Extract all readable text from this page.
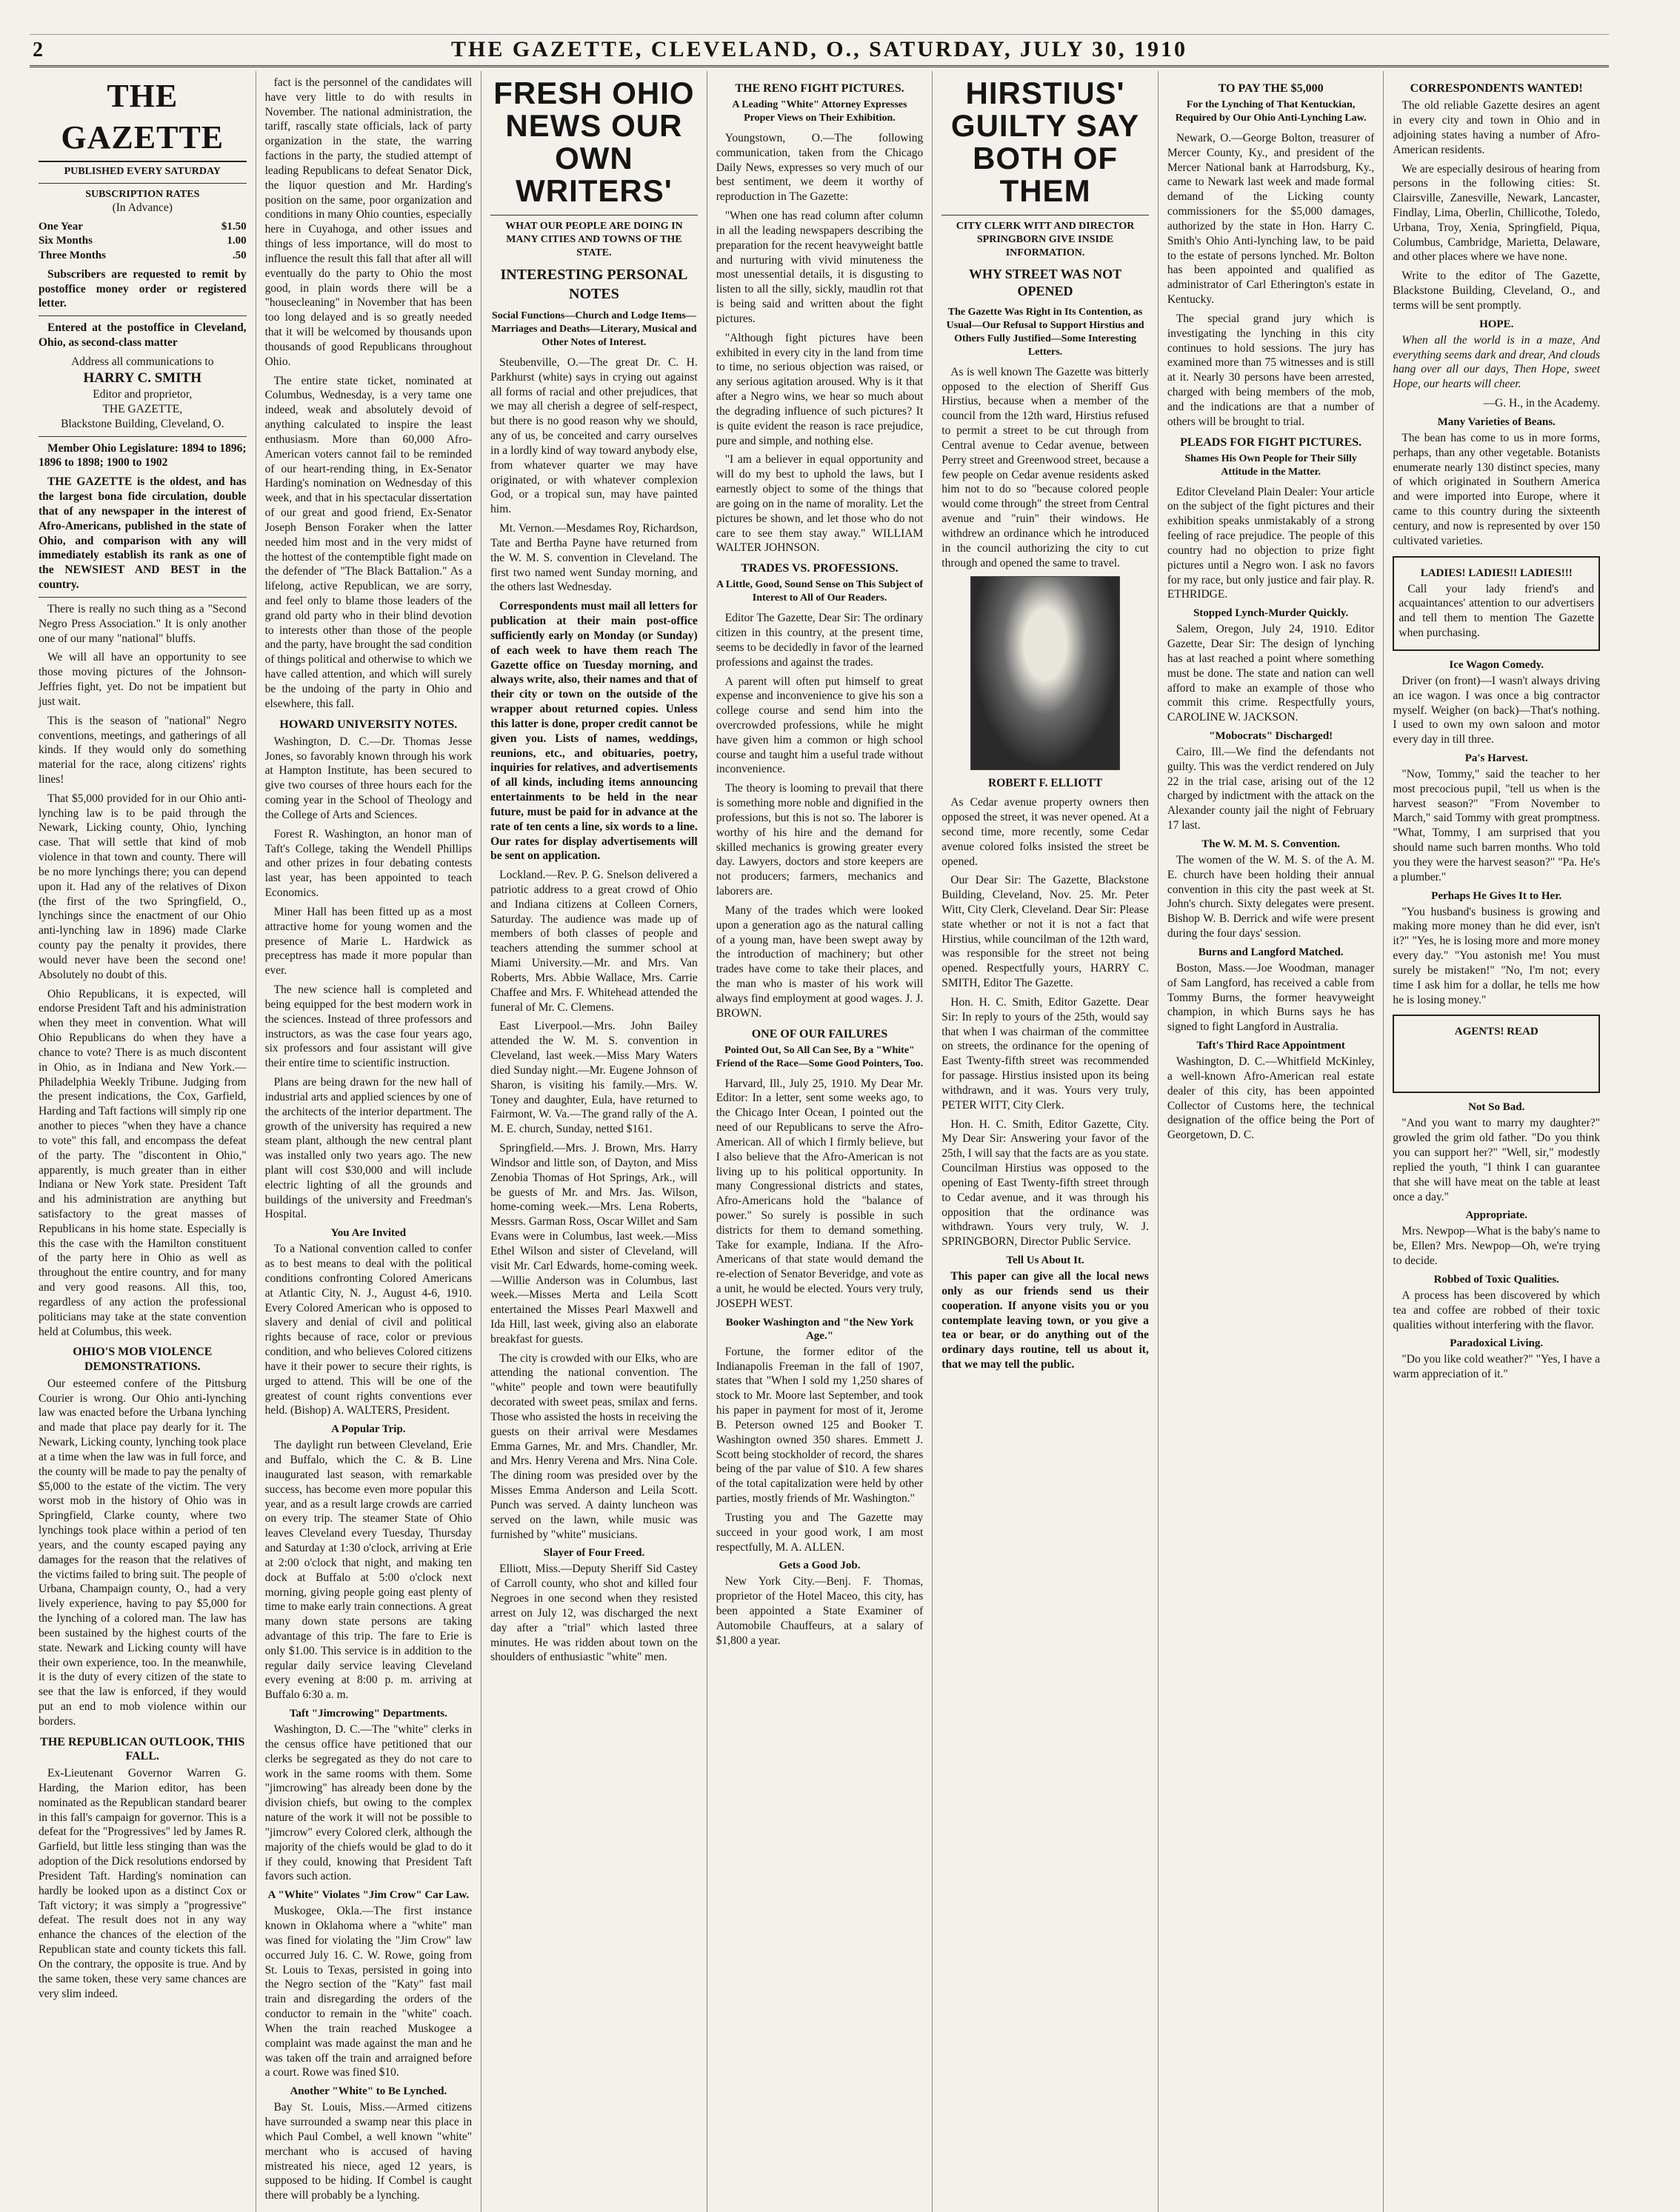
2	THE GAZETTE, CLEVELAND, O., SATURDAY, JULY 30, 1910
THE GAZETTE
PUBLISHED EVERY SATURDAY
SUBSCRIPTION RATES
(In Advance)
One Year	$1.50
Six Months	1.00
Three Months	.50

Subscribers are requested to remit by postoffice money order or registered letter.

Entered at the postoffice in Cleveland, Ohio, as second-class matter

Address all communications to
HARRY C. SMITH
Editor and proprietor,
THE GAZETTE,
Blackstone Building, Cleveland, O.

Member Ohio Legislature: 1894 to 1896; 1896 to 1898; 1900 to 1902

THE GAZETTE is the oldest, and has the largest bona fide circulation, double that of any newspaper in the interest of Afro-Americans, published in the state of Ohio, and comparison with any will immediately establish its rank as one of the NEWSIEST AND BEST in the country.

There is really no such thing as a "Second Negro Press Association." It is only another one of our many "national" bluffs.

We will all have an opportunity to see those moving pictures of the Johnson-Jeffries fight, yet. Do not be impatient but just wait.

This is the season of "national" Negro conventions, meetings, and gatherings of all kinds. If they would only do something material for the race, along citizens' rights lines!

That $5,000 provided for in our Ohio anti-lynching law is to be paid through the Newark, Licking county, Ohio, lynching case. That will settle that kind of mob violence in that town and county. There will be no more lynchings there; you can depend upon it. Had any of the relatives of Dixon (the first of the two Springfield, O., lynchings since the enactment of our Ohio anti-lynching law in 1896) made Clarke county pay the penalty it provides, there would never have been the second one! Absolutely no doubt of this.

Ohio Republicans, it is expected, will endorse President Taft and his administration when they meet in convention. What will Ohio Republicans do when they have a chance to vote? There is as much discontent in Ohio, as in Indiana and New York.—Philadelphia Weekly Tribune. Judging from the present indications, the Cox, Garfield, Harding and Taft factions will simply rip one another to pieces "when they have a chance to vote" this fall, and encompass the defeat of the party. The "discontent in Ohio," apparently, is much greater than in either Indiana or New York state. President Taft and his administration are anything but satisfactory to the great masses of Republicans in his home state. Especially is this the case with the Hamilton constituent of the party here in Ohio as well as throughout the entire country, and for many and very good reasons. All this, too, regardless of any action the professional politicians may take at the state convention held at Columbus, this week.

OHIO'S MOB VIOLENCE DEMONSTRATIONS.

Our esteemed confere of the Pittsburg Courier is wrong. Our Ohio anti-lynching law was enacted before the Urbana lynching and made that place pay dearly for it. The Newark, Licking county, lynching took place at a time when the law was in full force, and the county will be made to pay the penalty of $5,000 to the estate of the victim. The very worst mob in the history of Ohio was in Springfield, Clarke county, where two lynchings took place within a period of ten years, and the county escaped paying any damages for the reason that the relatives of the victims failed to bring suit. The people of Urbana, Champaign county, O., had a very lively experience, having to pay $5,000 for the lynching of a colored man. The law has been sustained by the highest courts of the state. Newark and Licking county will have their own experience, too. In the meanwhile, it is the duty of every citizen of the state to see that the law is enforced, if they would put an end to mob violence within our borders.

THE REPUBLICAN OUTLOOK, THIS FALL.

Ex-Lieutenant Governor Warren G. Harding, the Marion editor, has been nominated as the Republican standard bearer in this fall's campaign for governor. This is a defeat for the "Progressives" led by James R. Garfield, but little less stinging than was the adoption of the Dick resolutions endorsed by President Taft. Harding's nomination can hardly be looked upon as a distinct Cox or Taft victory; it was simply a "progressive" defeat. The result does not in any way enhance the chances of the election of the Republican state and county tickets this fall. On the contrary, the opposite is true. And by the same token, these very same chances are very slim indeed.

fact is the personnel of the candidates will have very little to do with results in November. The national administration, the tariff, rascally state officials, lack of party organization in the state, the warring factions in the party, the studied attempt of leading Republicans to defeat Senator Dick, the liquor question and Mr. Harding's position on the same, poor organization and conditions in many Ohio counties, especially here in Cuyahoga, and other issues and things of less importance, will do most to influence the result this fall that after all will eventually do the party to Ohio the most good, in plain words there will be a "housecleaning" in November that has been too long delayed and is so greatly needed that it will be welcomed by thousands upon thousands of good Republicans throughout Ohio.

The entire state ticket, nominated at Columbus, Wednesday, is a very tame one indeed, weak and absolutely devoid of anything calculated to inspire the least enthusiasm. More than 60,000 Afro-American voters cannot fail to be reminded of our heart-rending thing, in Ex-Senator Harding's nomination on Wednesday of this week, and that in his spectacular dissertation of our great and good friend, Ex-Senator Joseph Benson Foraker when the latter needed him most and in the very midst of the hottest of the contemptible fight made on the defender of "The Black Battalion." As a lifelong, active Republican, we are sorry, and feel only to blame those leaders of the grand old party who in their blind devotion to interests other than those of the people and the party, have brought the sad condition of things political and otherwise to which we have called attention, and which will surely be the undoing of the party in Ohio and elsewhere, this fall.

HOWARD UNIVERSITY NOTES.

Washington, D. C.—Dr. Thomas Jesse Jones, so favorably known through his work at Hampton Institute, has been secured to give two courses of three hours each for the coming year in the School of Theology and the College of Arts and Sciences.

Forest R. Washington, an honor man of Taft's College, taking the Wendell Phillips and other prizes in four debating contests last year, has been appointed to teach Economics.

Miner Hall has been fitted up as a most attractive home for young women and the presence of Marie L. Hardwick as preceptress has made it more popular than ever.

The new science hall is completed and being equipped for the best modern work in the sciences. Instead of three professors and instructors, as was the case four years ago, six professors and four assistant will give their entire time to scientific instruction.

Plans are being drawn for the new hall of industrial arts and applied sciences by one of the architects of the interior department. The growth of the university has required a new steam plant, although the new central plant was installed only two years ago. The new plant will cost $30,000 and will include electric lighting of all the grounds and buildings of the university and Freedman's Hospital.

You Are Invited

To a National convention called to confer as to best means to deal with the political conditions confronting Colored Americans at Atlantic City, N. J., August 4-6, 1910. Every Colored American who is opposed to slavery and denial of civil and political rights because of race, color or previous condition, and who believes Colored citizens have it their power to secure their rights, is urged to attend. This will be one of the greatest of count rights conventions ever held. (Bishop) A. WALTERS, President.

A Popular Trip.

The daylight run between Cleveland, Erie and Buffalo, which the C. & B. Line inaugurated last season, with remarkable success, has become even more popular this year, and as a result large crowds are carried on every trip. The steamer State of Ohio leaves Cleveland every Tuesday, Thursday and Saturday at 1:30 o'clock, arriving at Erie at 2:00 o'clock that night, and making ten dock at Buffalo at 5:00 o'clock next morning, giving people going east plenty of time to make early train connections. A great many down state persons are taking advantage of this trip. The fare to Erie is only $1.00. This service is in addition to the regular daily service leaving Cleveland every evening at 8:00 p. m. arriving at Buffalo 6:30 a. m.

Taft "Jimcrowing" Departments.

Washington, D. C.—The "white" clerks in the census office have petitioned that our clerks be segregated as they do not care to work in the same rooms with them. Some "jimcrowing" has already been done by the division chiefs, but owing to the complex nature of the work it will not be possible to "jimcrow" every Colored clerk, although the majority of the chiefs would be glad to do it if they could, knowing that President Taft favors such action.

A "White" Violates "Jim Crow" Car Law.

Muskogee, Okla.—The first instance known in Oklahoma where a "white" man was fined for violating the "Jim Crow" law occurred July 16. C. W. Rowe, going from St. Louis to Texas, persisted in going into the Negro section of the "Katy" fast mail train and disregarding the orders of the conductor to remain in the "white" coach. When the train reached Muskogee a complaint was made against the man and he was taken off the train and arraigned before a court. Rowe was fined $10.

Another "White" to Be Lynched.

Bay St. Louis, Miss.—Armed citizens have surrounded a swamp near this place in which Paul Combel, a well known "white" merchant who is accused of having mistreated his niece, aged 12 years, is supposed to be hiding. If Combel is caught there will probably be a lynching.

FRESH OHIO NEWS OUR OWN WRITERS'
WHAT OUR PEOPLE ARE DOING IN MANY CITIES AND TOWNS OF THE STATE.
INTERESTING PERSONAL NOTES
Social Functions—Church and Lodge Items—Marriages and Deaths—Literary, Musical and Other Notes of Interest.

Steubenville, O.—The great Dr. C. H. Parkhurst (white) says in crying out against all forms of racial and other prejudices, that we may all cherish a degree of self-respect, but there is no good reason why we should, any of us, be conceited and carry ourselves in a lordly kind of way toward anybody else, from whatever quarter we may have originated, or with whatever complexion God, or a tropical sun, may have painted him.

Mt. Vernon.—Mesdames Roy, Richardson, Tate and Bertha Payne have returned from the W. M. S. convention in Cleveland. The first two named went Sunday morning, and the others last Wednesday.

Correspondents must mail all letters for publication at their main post-office sufficiently early on Monday (or Sunday) of each week to have them reach The Gazette office on Tuesday morning, and always write, also, their names and that of their city or town on the outside of the wrapper about returned copies. Unless this latter is done, proper credit cannot be given you. Lists of names, weddings, reunions, etc., and obituaries, poetry, inquiries for relatives, and advertisements of all kinds, including items announcing entertainments to be held in the near future, must be paid for in advance at the rate of ten cents a line, six words to a line. Our rates for display advertisements will be sent on application.

Lockland.—Rev. P. G. Snelson delivered a patriotic address to a great crowd of Ohio and Indiana citizens at Colleen Corners, Saturday. The audience was made up of members of both classes of people and teachers attending the summer school at Miami University.—Mr. and Mrs. Van Roberts, Mrs. Abbie Wallace, Mrs. Carrie Chaffee and Mrs. F. Whitehead attended the funeral of Mr. C. Clemens.

East Liverpool.—Mrs. John Bailey attended the W. M. S. convention in Cleveland, last week.—Miss Mary Waters died Sunday night.—Mr. Eugene Johnson of Sharon, is visiting his family.—Mrs. W. Toney and daughter, Eula, have returned to Fairmont, W. Va.—The grand rally of the A. M. E. church, Sunday, netted $161.

Springfield.—Mrs. J. Brown, Mrs. Harry Windsor and little son, of Dayton, and Miss Zenobia Thomas of Hot Springs, Ark., will be guests of Mr. and Mrs. Jas. Wilson, home-coming week.—Mrs. Lena Roberts, Messrs. Garman Ross, Oscar Willet and Sam Evans were in Columbus, last week.—Miss Ethel Wilson and sister of Cleveland, will visit Mr. Carl Edwards, home-coming week.—Willie Anderson was in Columbus, last week.—Misses Merta and Leila Scott entertained the Misses Pearl Maxwell and Ida Hill, last week, giving also an elaborate breakfast for guests.

The city is crowded with our Elks, who are attending the national convention. The "white" people and town were beautifully decorated with sweet peas, smilax and ferns. Those who assisted the hosts in receiving the guests on their arrival were Mesdames Emma Garnes, Mr. and Mrs. Chandler, Mr. and Mrs. Henry Verena and Mrs. Nina Cole. The dining room was presided over by the Misses Emma Anderson and Leila Scott. Punch was served. A dainty luncheon was served on the lawn, while music was furnished by "white" musicians.

Slayer of Four Freed.

Elliott, Miss.—Deputy Sheriff Sid Castey of Carroll county, who shot and killed four Negroes in one second when they resisted arrest on July 12, was discharged the next day after a "trial" which lasted three minutes. He was ridden about town on the shoulders of enthusiastic "white" men.

THE RENO FIGHT PICTURES.
A Leading "White" Attorney Expresses Proper Views on Their Exhibition.

Youngstown, O.—The following communication, taken from the Chicago Daily News, expresses so very much of our best sentiment, we deem it worthy of reproduction in The Gazette:

"When one has read column after column in all the leading newspapers describing the preparation for the recent heavyweight battle and nurturing with vivid minuteness the most unessential details, it is disgusting to listen to all the silly, sickly, maudlin rot that is being said and written about the fight pictures.

"Although fight pictures have been exhibited in every city in the land from time to time, no serious objection was raised, or any serious agitation aroused. Why is it that after a Negro wins, we hear so much about the degrading influence of such pictures? It is quite evident the reason is race prejudice, pure and simple, and nothing else.

"I am a believer in equal opportunity and will do my best to uphold the laws, but I earnestly object to some of the things that are going on in the name of morality. Let the pictures be shown, and let those who do not care to see them stay away." WILLIAM WALTER JOHNSON.

TRADES VS. PROFESSIONS.
A Little, Good, Sound Sense on This Subject of Interest to All of Our Readers.

Editor The Gazette, Dear Sir: The ordinary citizen in this country, at the present time, seems to be decidedly in favor of the learned professions and against the trades.

A parent will often put himself to great expense and inconvenience to give his son a college course and send him into the overcrowded professions, while he might have given him a common or high school course and taught him a useful trade without inconvenience.

The theory is looming to prevail that there is something more noble and dignified in the professions, but this is not so. The laborer is worthy of his hire and the demand for skilled mechanics is growing greater every day. Lawyers, doctors and store keepers are not producers; farmers, mechanics and laborers are.

Many of the trades which were looked upon a generation ago as the natural calling of a young man, have been swept away by the introduction of machinery; but other trades have come to take their places, and the man who is master of his work will always find employment at good wages. J. J. BROWN.

ONE OF OUR FAILURES
Pointed Out, So All Can See, By a "White" Friend of the Race—Some Good Pointers, Too.

Harvard, Ill., July 25, 1910. My Dear Mr. Editor: In a letter, sent some weeks ago, to the Chicago Inter Ocean, I pointed out the need of our Republicans to serve the Afro-American. All of which I firmly believe, but I also believe that the Afro-American is not living up to his political opportunity. In many Congressional districts and states, Afro-Americans hold the "balance of power." So surely is possible in such districts for them to demand something. Take for example, Indiana. If the Afro-Americans of that state would demand the re-election of Senator Beveridge, and vote as a unit, he would be elected. Yours very truly, JOSEPH WEST.

Booker Washington and "the New York Age."

Fortune, the former editor of the Indianapolis Freeman in the fall of 1907, states that "When I sold my 1,250 shares of stock to Mr. Moore last September, and took his paper in payment for most of it, Jerome B. Peterson owned 125 and Booker T. Washington owned 350 shares. Emmett J. Scott being stockholder of record, the shares being of the par value of $10. A few shares of the total capitalization were held by other parties, mostly friends of Mr. Washington."

Trusting you and The Gazette may succeed in your good work, I am most respectfully, M. A. ALLEN.

Gets a Good Job.

New York City.—Benj. F. Thomas, proprietor of the Hotel Maceo, this city, has been appointed a State Examiner of Automobile Chauffeurs, at a salary of $1,800 a year.

HIRSTIUS' GUILTY SAY BOTH OF THEM
CITY CLERK WITT AND DIRECTOR SPRINGBORN GIVE INSIDE INFORMATION.
WHY STREET WAS NOT OPENED
The Gazette Was Right in Its Contention, as Usual—Our Refusal to Support Hirstius and Others Fully Justified—Some Interesting Letters.

As is well known The Gazette was bitterly opposed to the election of Sheriff Gus Hirstius, because when a member of the council from the 12th ward, Hirstius refused to permit a street to be cut through from Central avenue to Cedar avenue, between Perry street and Greenwood street, because a few people on Cedar avenue residents asked him not to do so "because colored people would come through" the street from Central avenue and "ruin" their windows. He withdrew an ordinance which he introduced in the council authorizing the city to cut through and opened the same to travel.

ROBERT F. ELLIOTT

As Cedar avenue property owners then opposed the street, it was never opened. At a second time, more recently, some Cedar avenue colored folks insisted the street be opened.

Our Dear Sir: The Gazette, Blackstone Building, Cleveland, Nov. 25. Mr. Peter Witt, City Clerk, Cleveland. Dear Sir: Please state whether or not it is not a fact that Hirstius, while councilman of the 12th ward, was responsible for the street not being opened. Respectfully yours, HARRY C. SMITH, Editor The Gazette.

Hon. H. C. Smith, Editor Gazette. Dear Sir: In reply to yours of the 25th, would say that when I was chairman of the committee on streets, the ordinance for the opening of East Twenty-fifth street was recommended for passage. Hirstius insisted upon its being withdrawn, and it was. Yours very truly, PETER WITT, City Clerk.

Hon. H. C. Smith, Editor Gazette, City. My Dear Sir: Answering your favor of the 25th, I will say that the facts are as you state. Councilman Hirstius was opposed to the opening of East Twenty-fifth street through to Cedar avenue, and it was through his opposition that the ordinance was withdrawn. Yours very truly, W. J. SPRINGBORN, Director Public Service.

Tell Us About It.

This paper can give all the local news only as our friends send us their cooperation. If anyone visits you or you contemplate leaving town, or you give a tea or bear, or do anything out of the ordinary days routine, tell us about it, that we may tell the public.

TO PAY THE $5,000
For the Lynching of That Kentuckian, Required by Our Ohio Anti-Lynching Law.

Newark, O.—George Bolton, treasurer of Mercer County, Ky., and president of the Mercer National bank at Harrodsburg, Ky., came to Newark last week and made formal demand of the Licking county commissioners for the $5,000 damages, authorized by the state in Hon. Harry C. Smith's Ohio Anti-lynching law, to be paid to the estate of persons lynched. Mr. Bolton has been appointed and qualified as administrator of Carl Etherington's estate in Kentucky.

The special grand jury which is investigating the lynching in this city continues to hold sessions. The jury has examined more than 75 witnesses and is still at it. Nearly 30 persons have been arrested, charged with being members of the mob, and the indications are that a number of others will be brought to trial.

PLEADS FOR FIGHT PICTURES.
Shames His Own People for Their Silly Attitude in the Matter.

Editor Cleveland Plain Dealer: Your article on the subject of the fight pictures and their exhibition speaks unmistakably of a strong feeling of race prejudice. The people of this country had no objection to prize fight pictures until a Negro won. I ask no favors for my race, but only justice and fair play. R. ETHRIDGE.

Stopped Lynch-Murder Quickly.

Salem, Oregon, July 24, 1910. Editor Gazette, Dear Sir: The design of lynching has at last reached a point where something must be done. The state and nation can well afford to make an example of those who commit this crime. Respectfully yours, CAROLINE W. JACKSON.

"Mobocrats" Discharged!

Cairo, Ill.—We find the defendants not guilty. This was the verdict rendered on July 22 in the trial case, arising out of the 12 charged by indictment with the attack on the Alexander county jail the night of February 17 last.

The W. M. M. S. Convention.

The women of the W. M. S. of the A. M. E. church have been holding their annual convention in this city the past week at St. John's church. Sixty delegates were present. Bishop W. B. Derrick and wife were present during the four days' session.

Burns and Langford Matched.

Boston, Mass.—Joe Woodman, manager of Sam Langford, has received a cable from Tommy Burns, the former heavyweight champion, in which Burns says he has signed to fight Langford in Australia.

Taft's Third Race Appointment

Washington, D. C.—Whitfield McKinley, a well-known Afro-American real estate dealer of this city, has been appointed Collector of Customs here, the technical designation of the office being the Port of Georgetown, D. C.

CORRESPONDENTS WANTED!

The old reliable Gazette desires an agent in every city and town in Ohio and in adjoining states having a number of Afro-American residents.

We are especially desirous of hearing from persons in the following cities: St. Clairsville, Zanesville, Newark, Lancaster, Findlay, Lima, Oberlin, Chillicothe, Toledo, Urbana, Troy, Xenia, Springfield, Piqua, Columbus, Cambridge, Marietta, Delaware, and other places where we have none.

Write to the editor of The Gazette, Blackstone Building, Cleveland, O., and terms will be sent promptly.

HOPE.

When all the world is in a maze, And everything seems dark and drear, And clouds hang over all our days, Then Hope, sweet Hope, our hearts will cheer.

—G. H., in the Academy.

Many Varieties of Beans.

The bean has come to us in more forms, perhaps, than any other vegetable. Botanists enumerate nearly 130 distinct species, many of which originated in Southern America and were imported into Europe, where it came to this country during the sixteenth century, and now is represented by over 150 cultivated varieties.

LADIES! LADIES!! LADIES!!!

Call your lady friend's and acquaintances' attention to our advertisers and tell them to mention The Gazette when purchasing.

Ice Wagon Comedy.

Driver (on front)—I wasn't always driving an ice wagon. I was once a big contractor myself. Weigher (on back)—That's nothing. I used to own my own saloon and motor every day in till three.

Pa's Harvest.

"Now, Tommy," said the teacher to her most precocious pupil, "tell us when is the harvest season?" "From November to March," said Tommy with great promptness. "What, Tommy, I am surprised that you should name such barren months. Who told you they were the harvest season?" "Pa. He's a plumber."

Perhaps He Gives It to Her.

"You husband's business is growing and making more money than he did ever, isn't it?" "Yes, he is losing more and more money every day." "You astonish me! You must surely be mistaken!" "No, I'm not; every time I ask him for a dollar, he tells me how he is losing money."

AGENTS! READ
Not So Bad.

"And you want to marry my daughter?" growled the grim old father. "Do you think you can support her?" "Well, sir," modestly replied the youth, "I think I can guarantee that she will have meat on the table at least once a day."

Appropriate.

Mrs. Newpop—What is the baby's name to be, Ellen? Mrs. Newpop—Oh, we're trying to decide.

Robbed of Toxic Qualities.

A process has been discovered by which tea and coffee are robbed of their toxic qualities without interfering with the flavor.

Paradoxical Living.

"Do you like cold weather?" "Yes, I have a warm appreciation of it."
